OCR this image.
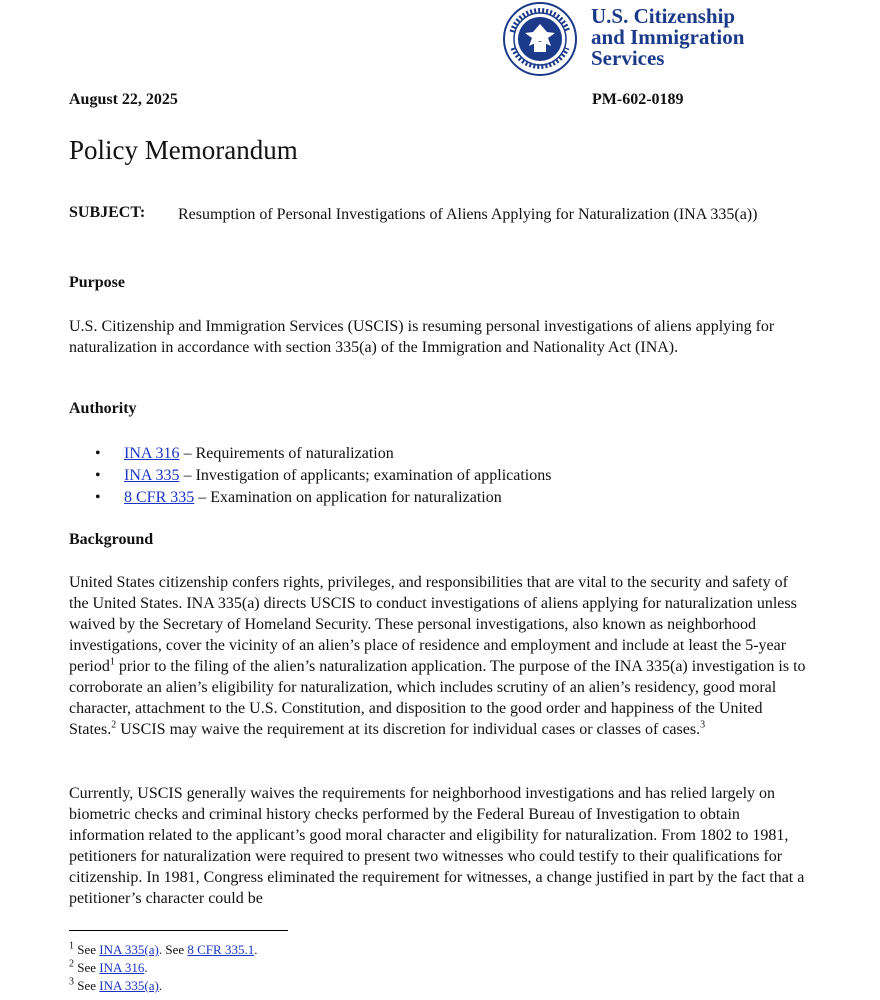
U.S. Citizenship
and Immigration
Services
August 22, 2025	PM-602-0189
Policy Memorandum
SUBJECT: Resumption of Personal Investigations of Aliens Applying for Naturalization (INA 335(a))
Purpose
U.S. Citizenship and Immigration Services (USCIS) is resuming personal investigations of aliens applying for naturalization in accordance with section 335(a) of the Immigration and Nationality Act (INA).
Authority
• INA 316 – Requirements of naturalization
• INA 335 – Investigation of applicants; examination of applications
• 8 CFR 335 – Examination on application for naturalization
Background
United States citizenship confers rights, privileges, and responsibilities that are vital to the security and safety of the United States. INA 335(a) directs USCIS to conduct investigations of aliens applying for naturalization unless waived by the Secretary of Homeland Security. These personal investigations, also known as neighborhood investigations, cover the vicinity of an alien’s place of residence and employment and include at least the 5-year period$^1$ prior to the filing of the alien’s naturalization application. The purpose of the INA 335(a) investigation is to corroborate an alien’s eligibility for naturalization, which includes scrutiny of an alien’s residency, good moral character, attachment to the U.S. Constitution, and disposition to the good order and happiness of the United States.$^2$ USCIS may waive the requirement at its discretion for individual cases or classes of cases.$^3$
Currently, USCIS generally waives the requirements for neighborhood investigations and has relied largely on biometric checks and criminal history checks performed by the Federal Bureau of Investigation to obtain information related to the applicant’s good moral character and eligibility for naturalization. From 1802 to 1981, petitioners for naturalization were required to present two witnesses who could testify to their qualifications for citizenship. In 1981, Congress eliminated the requirement for witnesses, a change justified in part by the fact that a petitioner’s character could be
$^1$ See INA 335(a). See 8 CFR 335.1.
$^2$ See INA 316.
$^3$ See INA 335(a).
